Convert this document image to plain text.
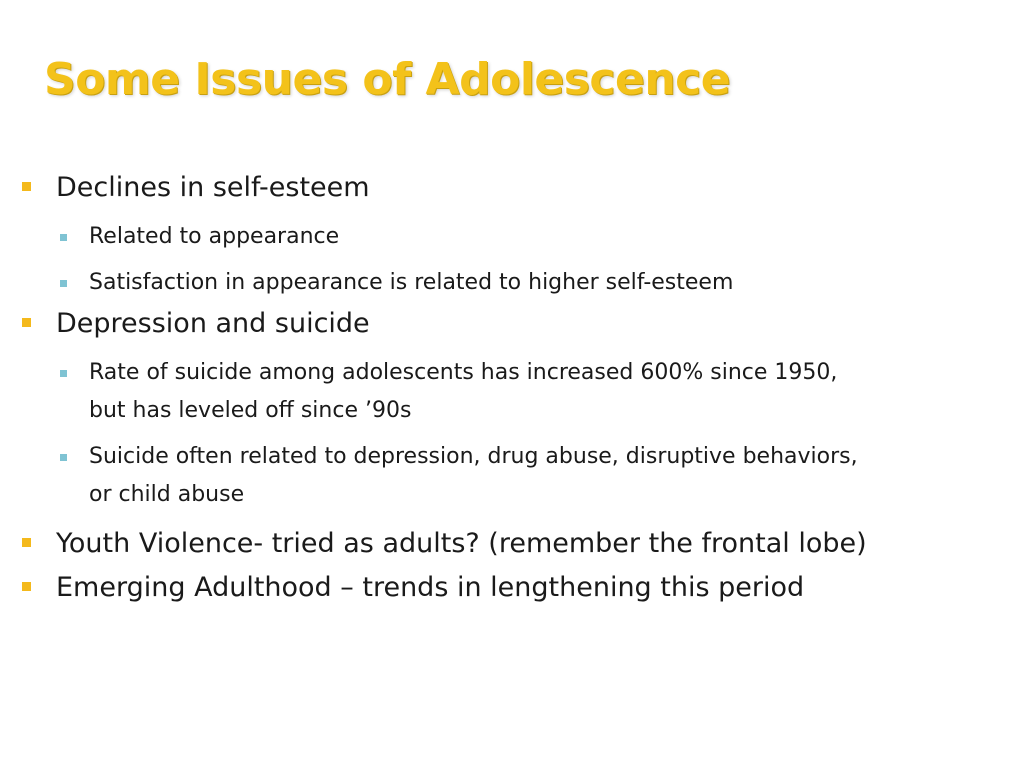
Some Issues of Adolescence
Declines in self-esteem
Related to appearance
Satisfaction in appearance is related to higher self-esteem
Depression and suicide
Rate of suicide among adolescents has increased 600% since 1950, but has leveled off since ’90s
Suicide often related to depression, drug abuse, disruptive behaviors, or child abuse
Youth Violence- tried as adults? (remember the frontal lobe)
Emerging Adulthood – trends in lengthening this period
